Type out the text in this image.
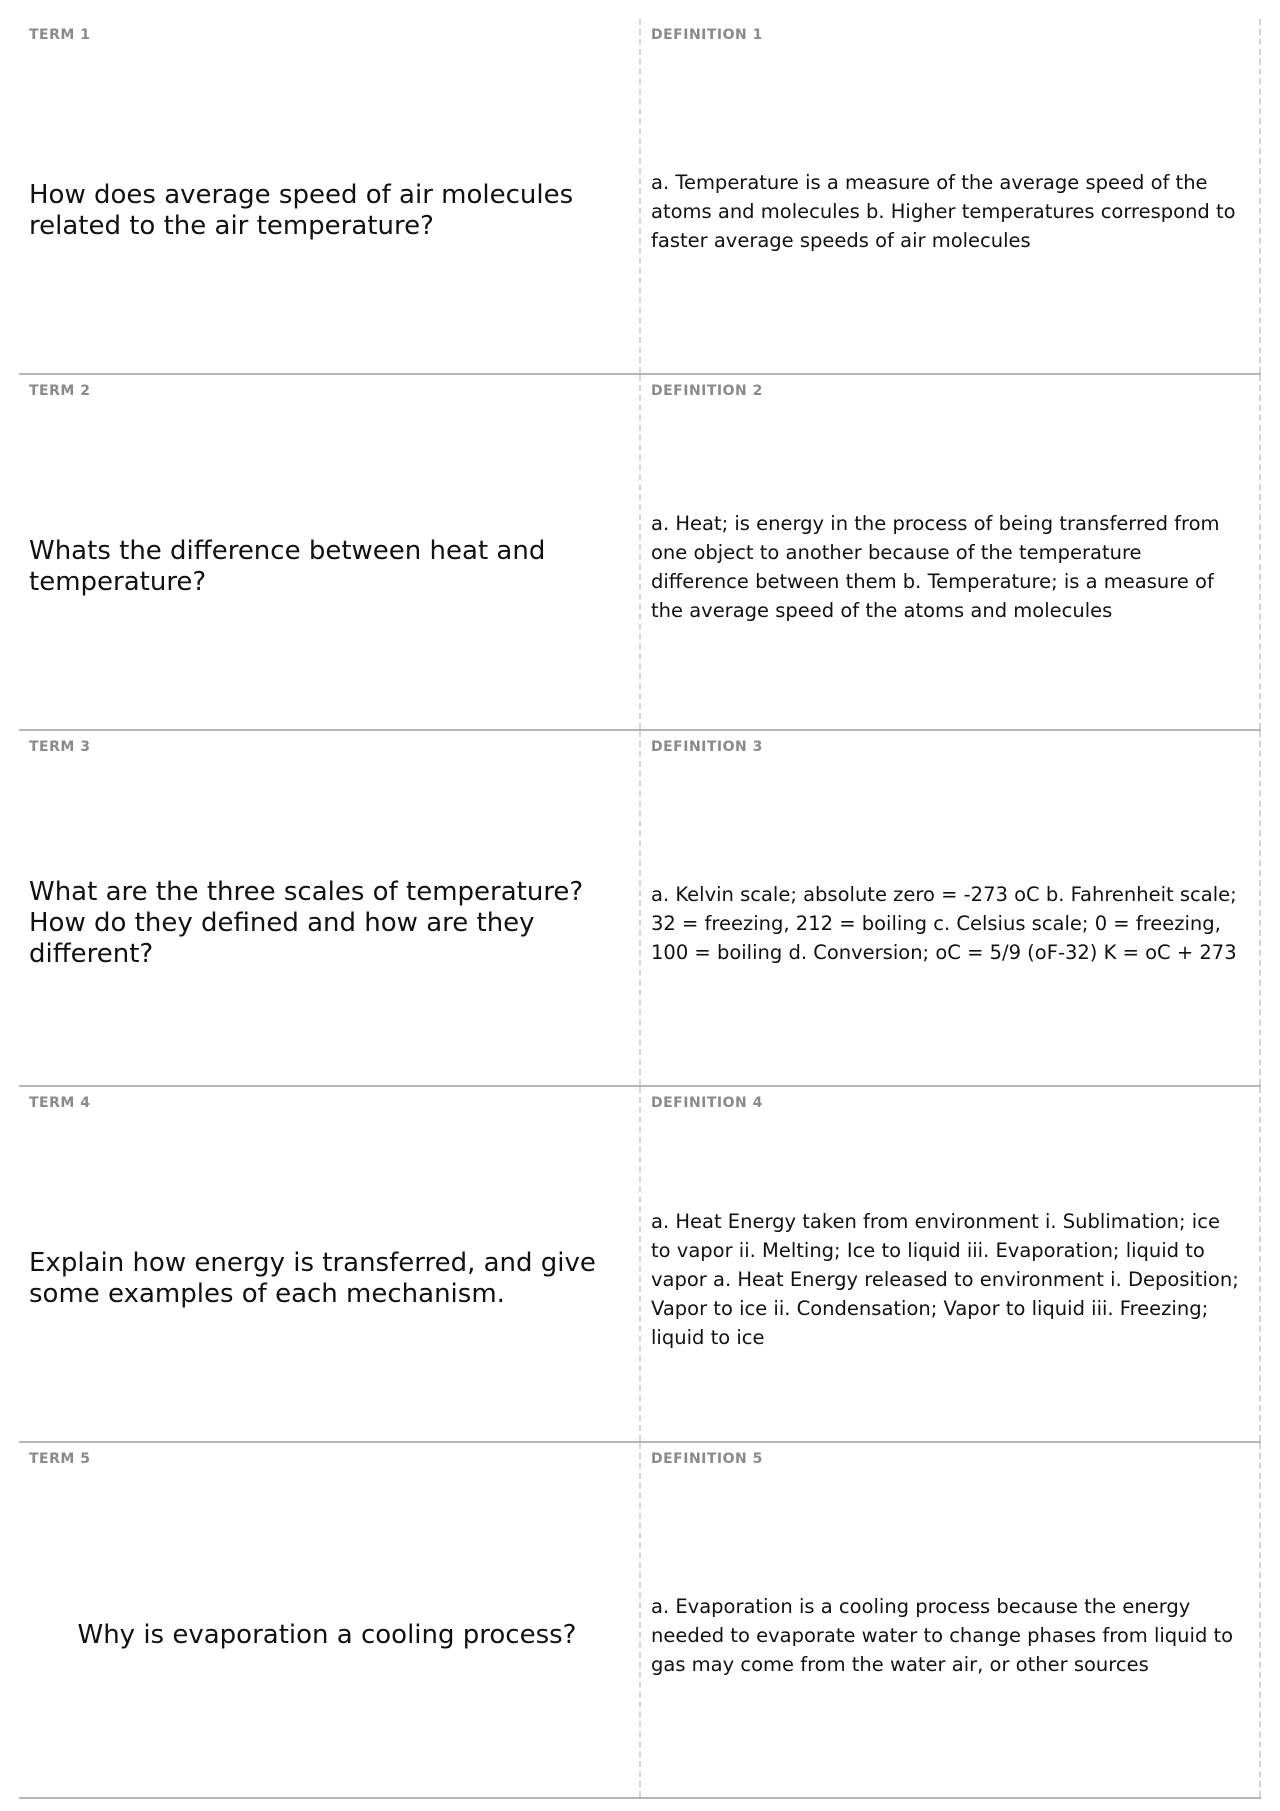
TERM 1
How does average speed of air molecules related to the air temperature?
DEFINITION 1
a. Temperature is a measure of the average speed of the atoms and molecules b. Higher temperatures correspond to faster average speeds of air molecules
TERM 2
Whats the difference between heat and temperature?
DEFINITION 2
a. Heat; is energy in the process of being transferred from one object to another because of the temperature difference between them b. Temperature; is a measure of the average speed of the atoms and molecules
TERM 3
What are the three scales of temperature? How do they defined and how are they different?
DEFINITION 3
a. Kelvin scale; absolute zero = -273 oC b. Fahrenheit scale; 32 = freezing, 212 = boiling c. Celsius scale; 0 = freezing, 100 = boiling d. Conversion; oC = 5/9 (oF-32) K = oC + 273
TERM 4
Explain how energy is transferred, and give some examples of each mechanism.
DEFINITION 4
a. Heat Energy taken from environment i. Sublimation; ice to vapor ii. Melting; Ice to liquid iii. Evaporation; liquid to vapor a. Heat Energy released to environment i. Deposition; Vapor to ice ii. Condensation; Vapor to liquid iii. Freezing; liquid to ice
TERM 5
Why is evaporation a cooling process?
DEFINITION 5
a. Evaporation is a cooling process because the energy needed to evaporate water to change phases from liquid to gas may come from the water air, or other sources
